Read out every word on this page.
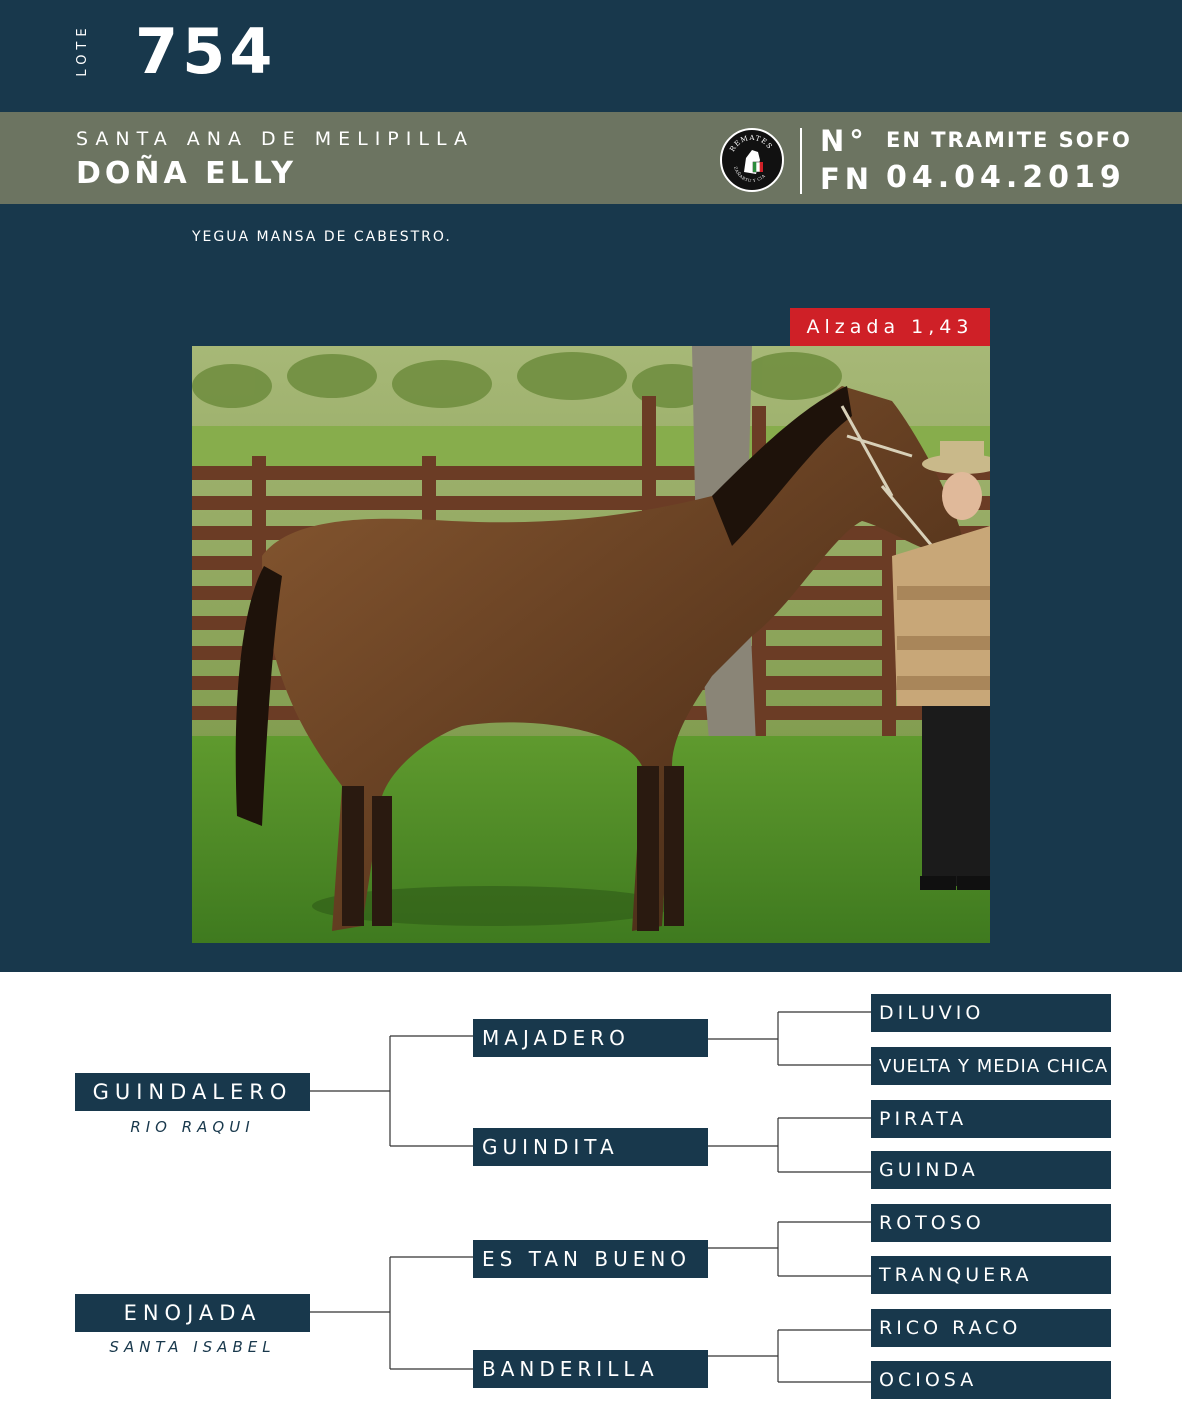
LOTE 754
SANTA ANA DE MELIPILLA
DOÑA ELLY
REMATES
ZAÑARTU Y CIA
N° EN TRAMITE SOFO
FN 04.04.2019
YEGUA MANSA DE CABESTRO.
Alzada 1,43
GUINDALERO
RIO RAQUI
ENOJADA
SANTA ISABEL
MAJADERO
GUINDITA
ES TAN BUENO
BANDERILLA
DILUVIO
VUELTA Y MEDIA CHICA
PIRATA
GUINDA
ROTOSO
TRANQUERA
RICO RACO
OCIOSA
